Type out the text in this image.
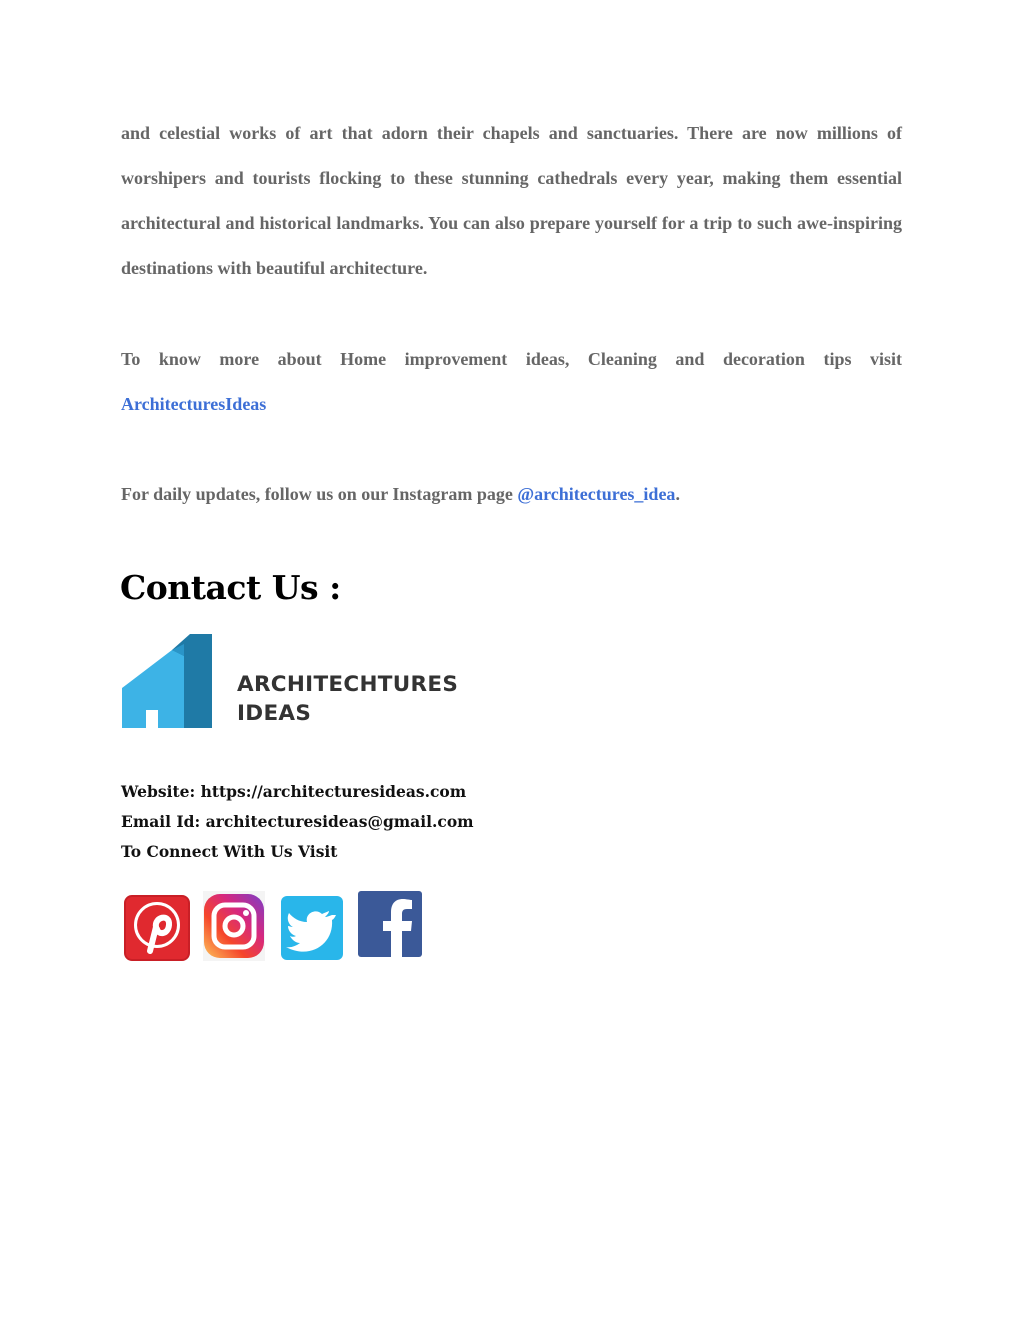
and celestial works of art that adorn their chapels and sanctuaries. There are now millions of worshipers and tourists flocking to these stunning cathedrals every year, making them essential architectural and historical landmarks. You can also prepare yourself for a trip to such awe-inspiring destinations with beautiful architecture.

To know more about Home improvement ideas, Cleaning and decoration tips visit
ArchitecturesIdeas

For daily updates, follow us on our Instagram page @architectures_idea.

Contact Us :
ARCHITECHTURES
IDEAS
Website: https://architecturesideas.com
Email Id: architecturesideas@gmail.com
To Connect With Us Visit
